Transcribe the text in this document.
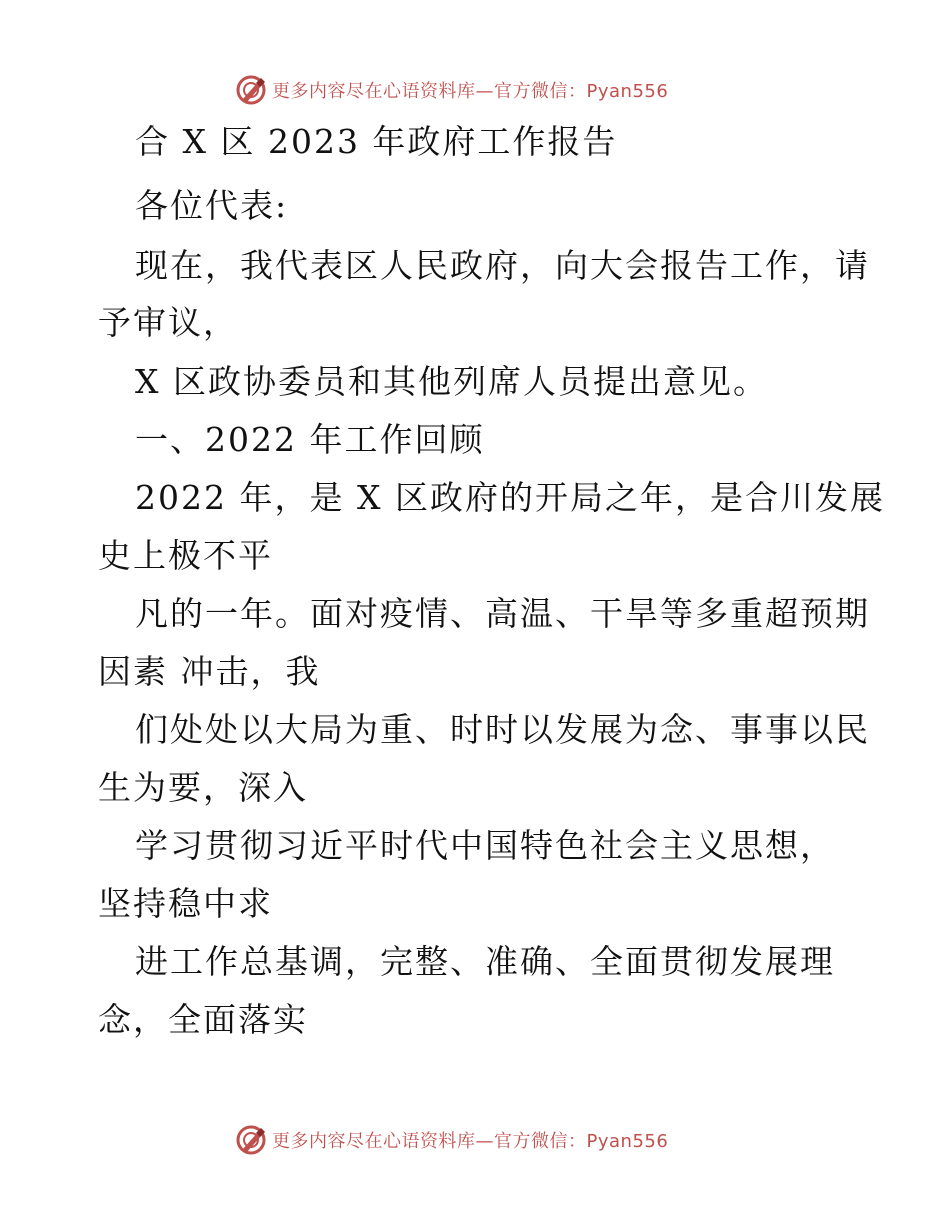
更多内容尽在心语资料库—官方微信：Pyan556
合 X 区 2023 年政府工作报告
各位代表:
现在，我代表区人民政府，向大会报告工作，请
予审议，
X 区政协委员和其他列席人员提出意见。
一、2022 年工作回顾
2022 年，是 X 区政府的开局之年，是合川发展
史上极不平
凡的一年。面对疫情、高温、干旱等多重超预期
因素 冲击，我
们处处以大局为重、时时以发展为念、事事以民
生为要，深入
学习贯彻习近平时代中国特色社会主义思想，
坚持稳中求
进工作总基调，完整、准确、全面贯彻发展理
念，全面落实
更多内容尽在心语资料库—官方微信：Pyan556
